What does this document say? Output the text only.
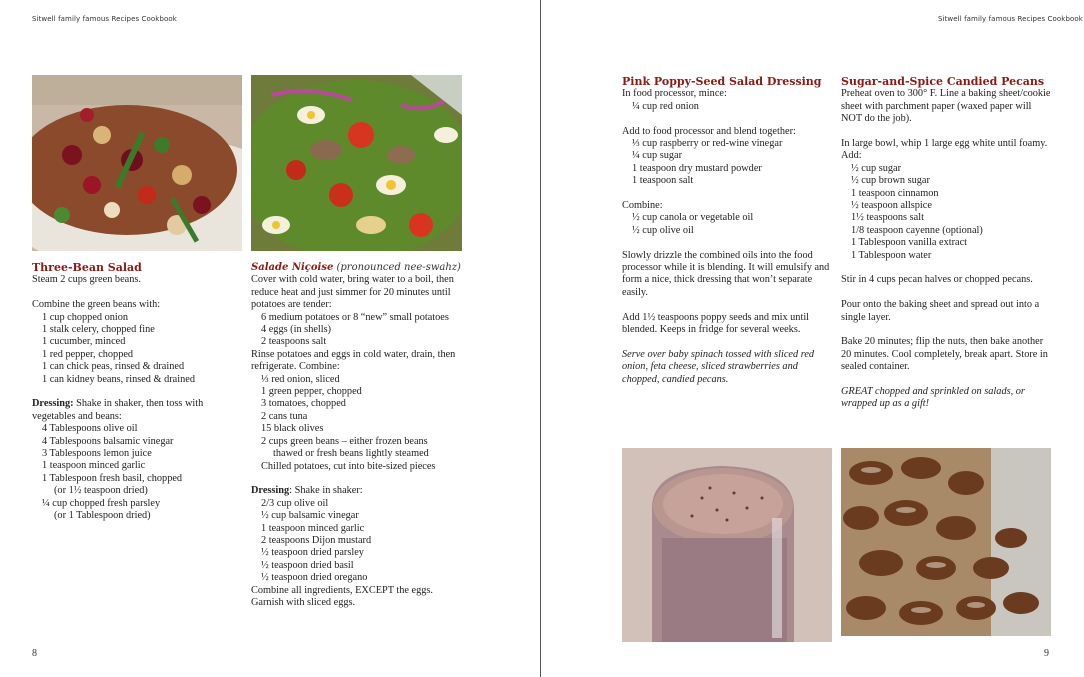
Sitwell family famous Recipes Cookbook	Sitwell family famous Recipes Cookbook

Three-Bean Salad

Steam 2 cups green beans.

Combine the green beans with:

1 cup chopped onion

1 stalk celery, chopped fine

1 cucumber, minced

1 red pepper, chopped

1 can chick peas, rinsed & drained

1 can kidney beans, rinsed & drained

Dressing: Shake in shaker, then toss with vegetables and beans:

4 Tablespoons olive oil

4 Tablespoons balsamic vinegar

3 Tablespoons lemon juice

1 teaspoon minced garlic

1 Tablespoon fresh basil, chopped

(or 1½ teaspoon dried)

¼ cup chopped fresh parsley

(or 1 Tablespoon dried)

Salade Niçoise (pronounced nee-swahz)

Cover with cold water, bring water to a boil, then reduce heat and just simmer for 20 minutes until potatoes are tender:

6 medium potatoes or 8 “new” small potatoes

4 eggs (in shells)

2 teaspoons salt

Rinse potatoes and eggs in cold water, drain, then refrigerate. Combine:

⅓ red onion, sliced

1 green pepper, chopped

3 tomatoes, chopped

2 cans tuna

15 black olives

2 cups green beans – either frozen beans

thawed or fresh beans lightly steamed

Chilled potatoes, cut into bite-sized pieces

Dressing: Shake in shaker:

2/3 cup olive oil

½ cup balsamic vinegar

1 teaspoon minced garlic

2 teaspoons Dijon mustard

½ teaspoon dried parsley

½ teaspoon dried basil

½ teaspoon dried oregano

Combine all ingredients, EXCEPT the eggs.

Garnish with sliced eggs.

Pink Poppy-Seed Salad Dressing

In food processor, mince:

¼ cup red onion

Add to food processor and blend together:

⅓ cup raspberry or red-wine vinegar

¼ cup sugar

1 teaspoon dry mustard powder

1 teaspoon salt

Combine:

½ cup canola or vegetable oil

½ cup olive oil

Slowly drizzle the combined oils into the food processor while it is blending. It will emulsify and form a nice, thick dressing that won’t separate easily.

Add 1½ teaspoons poppy seeds and mix until blended. Keeps in fridge for several weeks.

Serve over baby spinach tossed with sliced red onion, feta cheese, sliced strawberries and chopped, candied pecans.

Sugar-and-Spice Candied Pecans

Preheat oven to 300° F. Line a baking sheet/cookie sheet with parchment paper (waxed paper will NOT do the job).

In large bowl, whip 1 large egg white until foamy. Add:

½ cup sugar

½ cup brown sugar

1 teaspoon cinnamon

½ teaspoon allspice

1½ teaspoons salt

1/8 teaspoon cayenne (optional)

1 Tablespoon vanilla extract

1 Tablespoon water

Stir in 4 cups pecan halves or chopped pecans.

Pour onto the baking sheet and spread out into a single layer.

Bake 20 minutes; flip the nuts, then bake another 20 minutes. Cool completely, break apart. Store in sealed container.

GREAT chopped and sprinkled on salads, or wrapped up as a gift!

8	9
